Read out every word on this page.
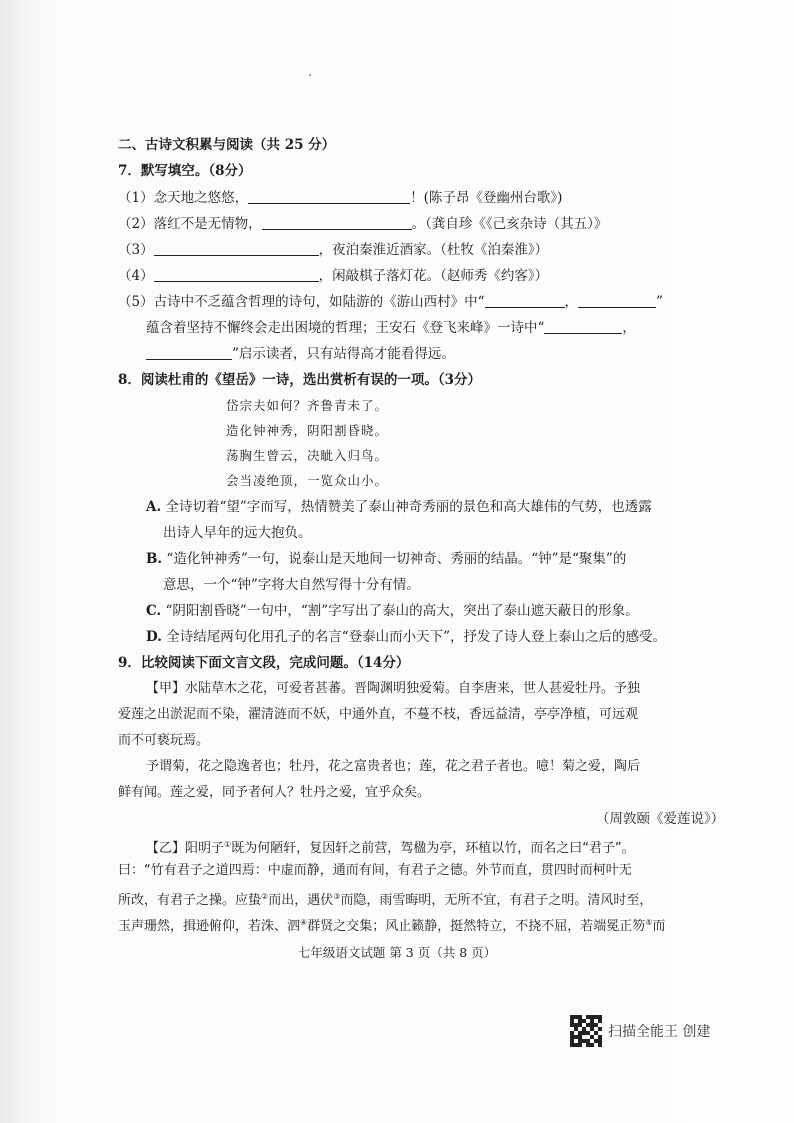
二、古诗文积累与阅读（共 25 分）
7．默写填空。（8分）
（1）念天地之悠悠，	！(陈子昂《登幽州台歌》)
（2）落红不是无情物，	。（龚自珍《《己亥杂诗（其五）》
（3）	，夜泊秦淮近酒家。（杜牧《泊秦淮》）
（4）	，闲敲棋子落灯花。（赵师秀《约客》）
（5）古诗中不乏蕴含哲理的诗句，如陆游的《游山西村》中“	，	”
蕴含着坚持不懈终会走出困境的哲理；王安石《登飞来峰》一诗中“	，
”启示读者，只有站得高才能看得远。
8．阅读杜甫的《望岳》一诗，选出赏析有误的一项。（3分）
岱宗夫如何？齐鲁青未了。
造化钟神秀，阴阳割昏晓。
荡胸生曾云，决眦入归鸟。
会当凌绝顶，一览众山小。
A. 全诗切着“望”字而写，热情赞美了泰山神奇秀丽的景色和高大雄伟的气势，也透露
出诗人早年的远大抱负。
B. “造化钟神秀”一句，说泰山是天地间一切神奇、秀丽的结晶。“钟”是“聚集”的
意思，一个“钟”字将大自然写得十分有情。
C. “阴阳割昏晓”一句中，“割”字写出了泰山的高大，突出了泰山遮天蔽日的形象。
D. 全诗结尾两句化用孔子的名言“登泰山而小天下”，抒发了诗人登上泰山之后的感受。
9．比较阅读下面文言文段，完成问题。（14分）
【甲】水陆草木之花，可爱者甚蕃。晋陶渊明独爱菊。自李唐来，世人甚爱牡丹。予独
爱莲之出淤泥而不染，濯清涟而不妖，中通外直，不蔓不枝，香远益清，亭亭净植，可远观
而不可亵玩焉。
予谓菊，花之隐逸者也；牡丹，花之富贵者也；莲，花之君子者也。噫！菊之爱，陶后
鲜有闻。莲之爱，同予者何人？牡丹之爱，宜乎众矣。
（周敦颐《爱莲说》）
【乙】阳明子①既为何陋轩，复因轩之前营，驾楹为亭，环植以竹，而名之曰“君子”。
曰：“竹有君子之道四焉：中虚而静，通而有间，有君子之德。外节而直，贯四时而柯叶无
所改，有君子之操。应蛰②而出，遇伏③而隐，雨雪晦明，无所不宜，有君子之明。清风时至，
玉声珊然，揖逊俯仰，若洙、泗④群贤之交集；风止籁静，挺然特立，不挠不屈，若端冕正笏⑤而
七年级语文试题 第 3 页（共 8 页）
扫描全能王 创建
